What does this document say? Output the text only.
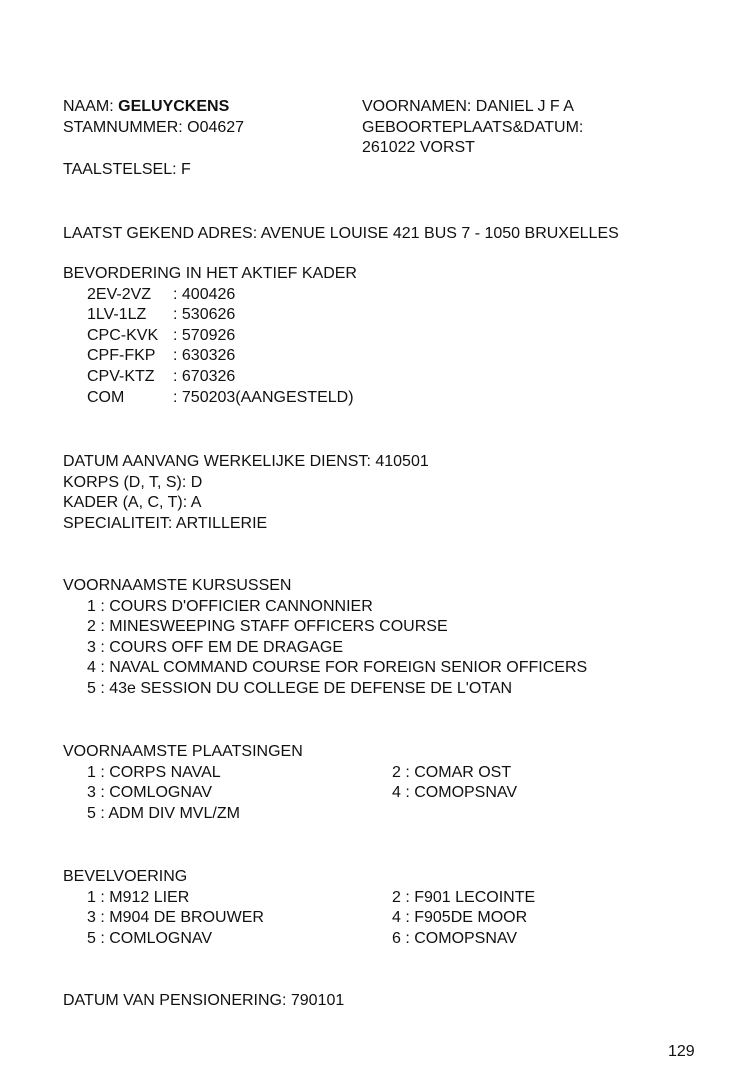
NAAM: GELUYCKENS
STAMNUMMER: O04627
VOORNAMEN: DANIEL J F A
GEBOORTEPLAATS&DATUM:
261022 VORST
TAALSTELSEL: F
LAATST GEKEND ADRES: AVENUE LOUISE 421 BUS 7 - 1050 BRUXELLES
BEVORDERING IN HET AKTIEF KADER
2EV-2VZ : 400426
1LV-1LZ : 530626
CPC-KVK : 570926
CPF-FKP : 630326
CPV-KTZ : 670326
COM	: 750203(AANGESTELD)
DATUM AANVANG WERKELIJKE DIENST: 410501
KORPS (D, T, S): D
KADER (A, C, T): A
SPECIALITEIT: ARTILLERIE
VOORNAAMSTE KURSUSSEN
1 : COURS D'OFFICIER CANNONNIER
2 : MINESWEEPING STAFF OFFICERS COURSE
3 : COURS OFF EM DE DRAGAGE
4 : NAVAL COMMAND COURSE FOR FOREIGN SENIOR OFFICERS
5 : 43e SESSION DU COLLEGE DE DEFENSE DE L'OTAN
VOORNAAMSTE PLAATSINGEN
1 : CORPS NAVAL	2 : COMAR OST
3 : COMLOGNAV	4 : COMOPSNAV
5 : ADM DIV MVL/ZM
BEVELVOERING
1 : M912 LIER	2 : F901 LECOINTE
3 : M904 DE BROUWER	4 : F905DE MOOR
5 : COMLOGNAV	6 : COMOPSNAV
DATUM VAN PENSIONERING: 790101
129
